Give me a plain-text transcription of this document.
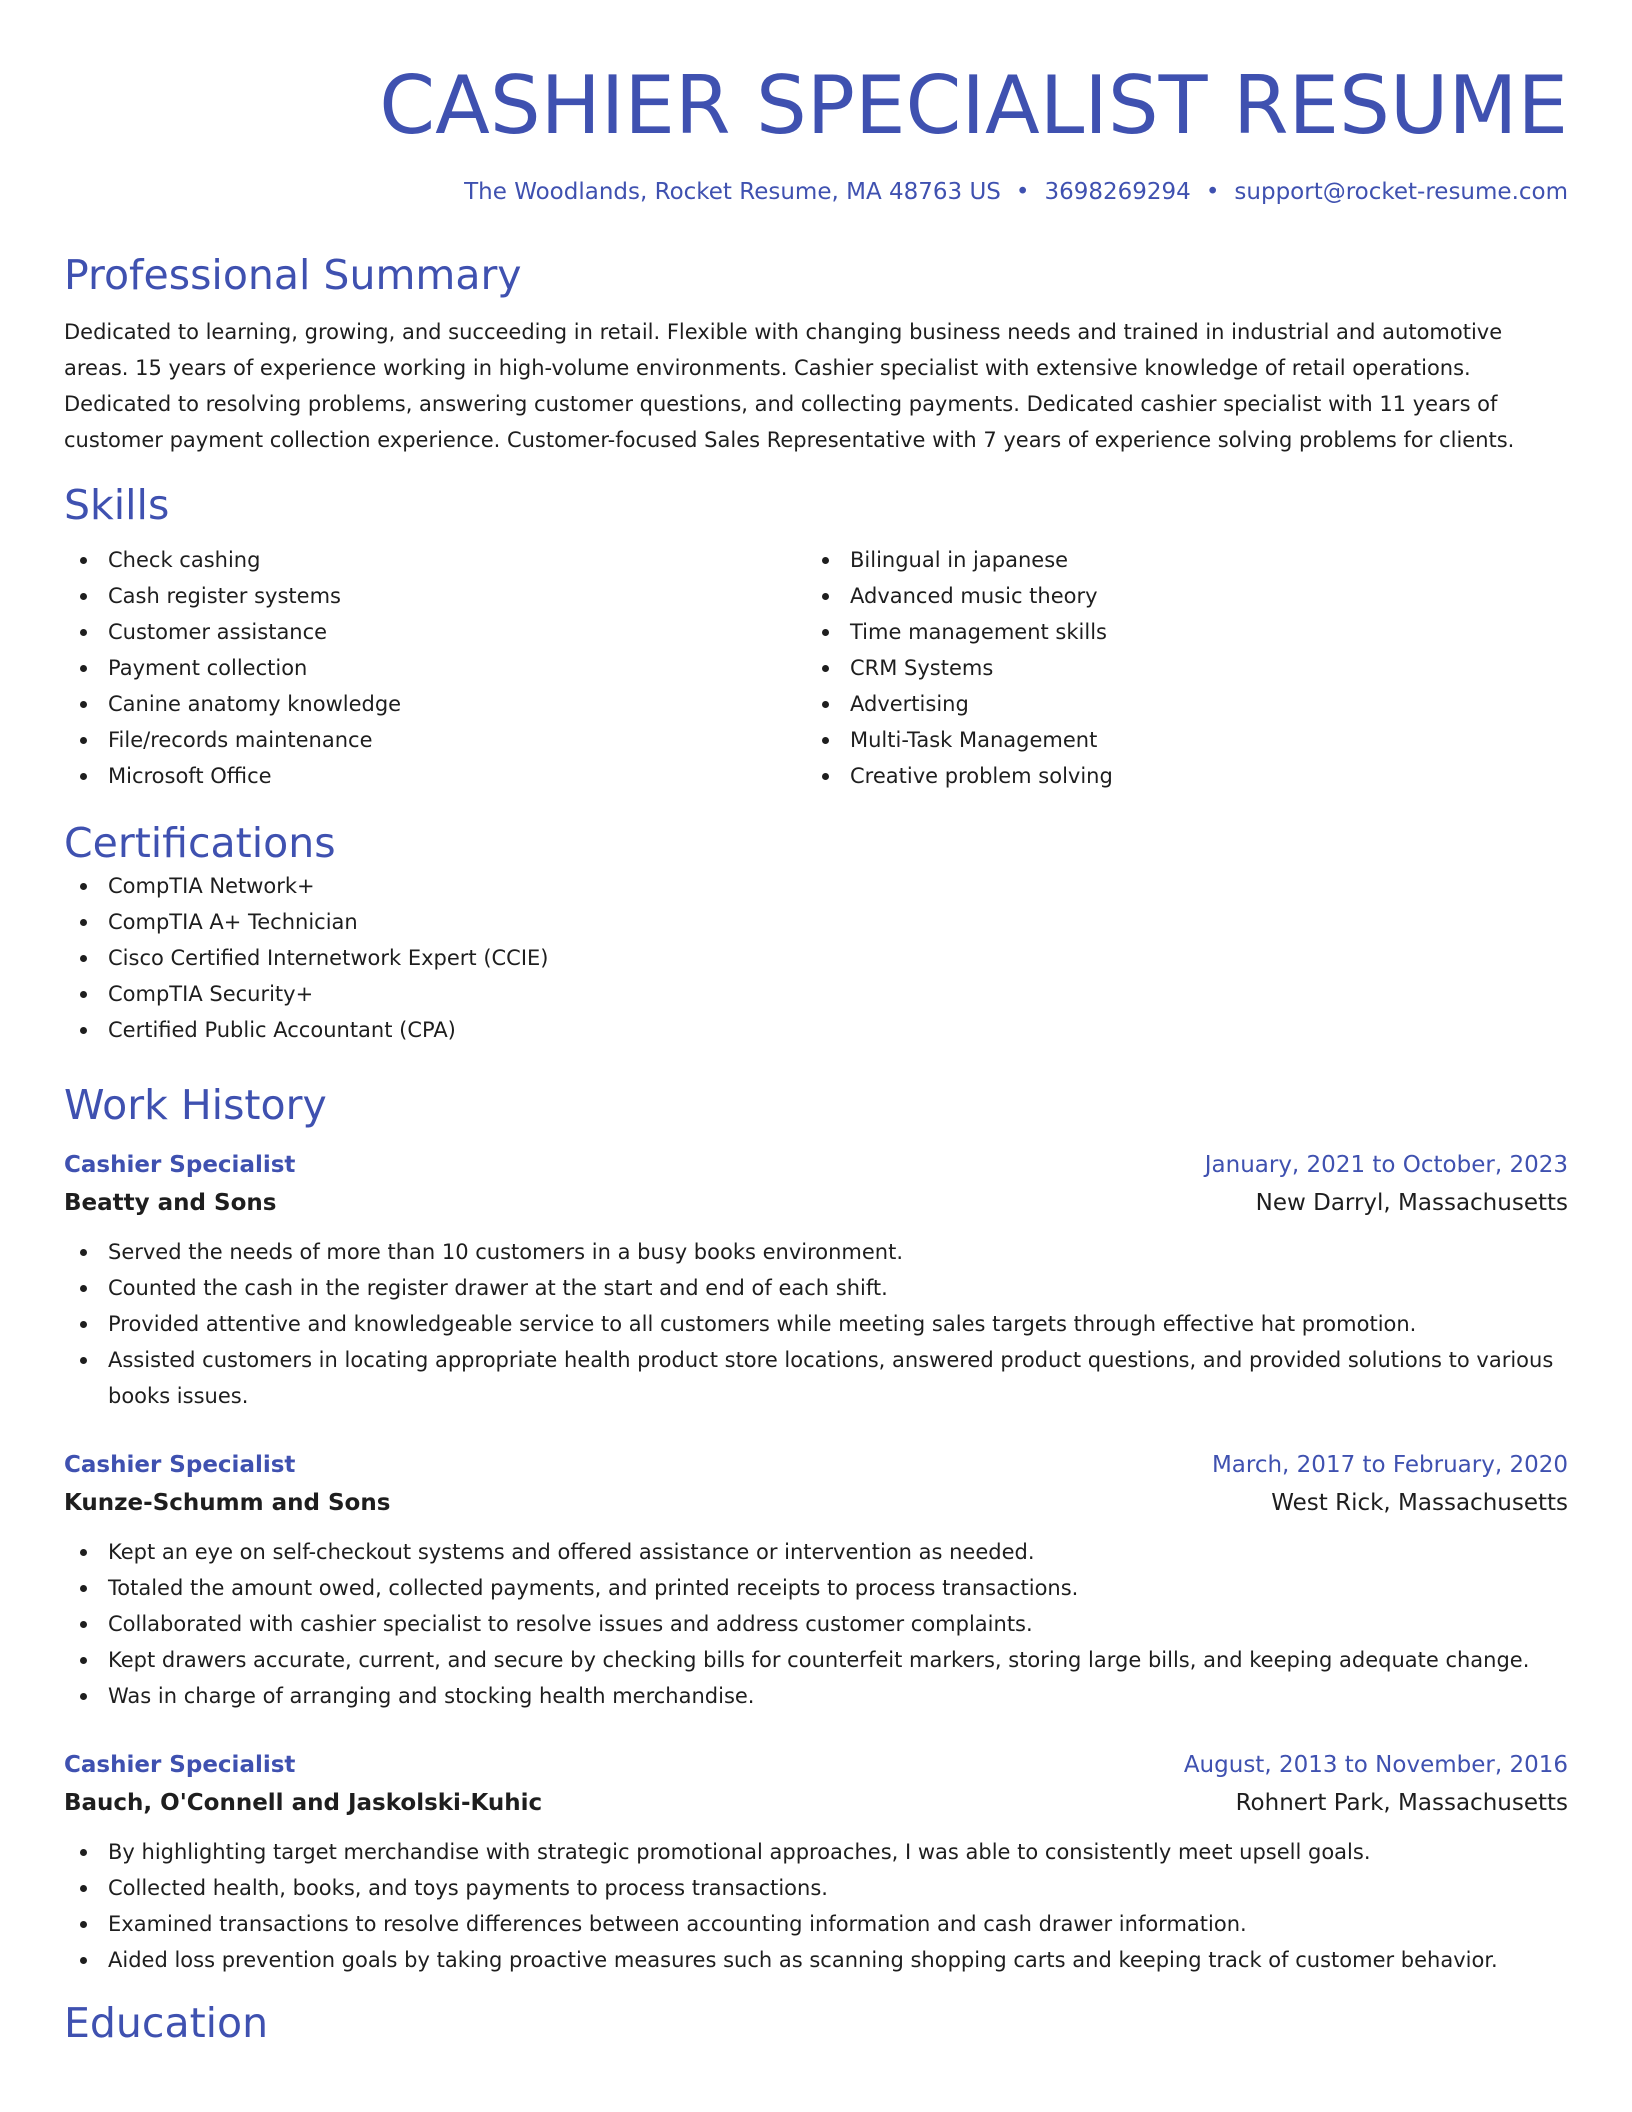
CASHIER SPECIALIST RESUME
The Woodlands, Rocket Resume, MA 48763 US • 3698269294 • support@rocket-resume.com
Professional Summary
Dedicated to learning, growing, and succeeding in retail. Flexible with changing business needs and trained in industrial and automotive areas. 15 years of experience working in high-volume environments. Cashier specialist with extensive knowledge of retail operations. Dedicated to resolving problems, answering customer questions, and collecting payments. Dedicated cashier specialist with 11 years of customer payment collection experience. Customer-focused Sales Representative with 7 years of experience solving problems for clients.
Skills
Check cashing
Cash register systems
Customer assistance
Payment collection
Canine anatomy knowledge
File/records maintenance
Microsoft Office
Bilingual in japanese
Advanced music theory
Time management skills
CRM Systems
Advertising
Multi-Task Management
Creative problem solving
Certifications
CompTIA Network+
CompTIA A+ Technician
Cisco Certified Internetwork Expert (CCIE)
CompTIA Security+
Certified Public Accountant (CPA)
Work History
Cashier Specialist	January, 2021 to October, 2023
Beatty and Sons	New Darryl, Massachusetts
Served the needs of more than 10 customers in a busy books environment.
Counted the cash in the register drawer at the start and end of each shift.
Provided attentive and knowledgeable service to all customers while meeting sales targets through effective hat promotion.
Assisted customers in locating appropriate health product store locations, answered product questions, and provided solutions to various books issues.
Cashier Specialist	March, 2017 to February, 2020
Kunze-Schumm and Sons	West Rick, Massachusetts
Kept an eye on self-checkout systems and offered assistance or intervention as needed.
Totaled the amount owed, collected payments, and printed receipts to process transactions.
Collaborated with cashier specialist to resolve issues and address customer complaints.
Kept drawers accurate, current, and secure by checking bills for counterfeit markers, storing large bills, and keeping adequate change.
Was in charge of arranging and stocking health merchandise.
Cashier Specialist	August, 2013 to November, 2016
Bauch, O'Connell and Jaskolski-Kuhic	Rohnert Park, Massachusetts
By highlighting target merchandise with strategic promotional approaches, I was able to consistently meet upsell goals.
Collected health, books, and toys payments to process transactions.
Examined transactions to resolve differences between accounting information and cash drawer information.
Aided loss prevention goals by taking proactive measures such as scanning shopping carts and keeping track of customer behavior.
Education
